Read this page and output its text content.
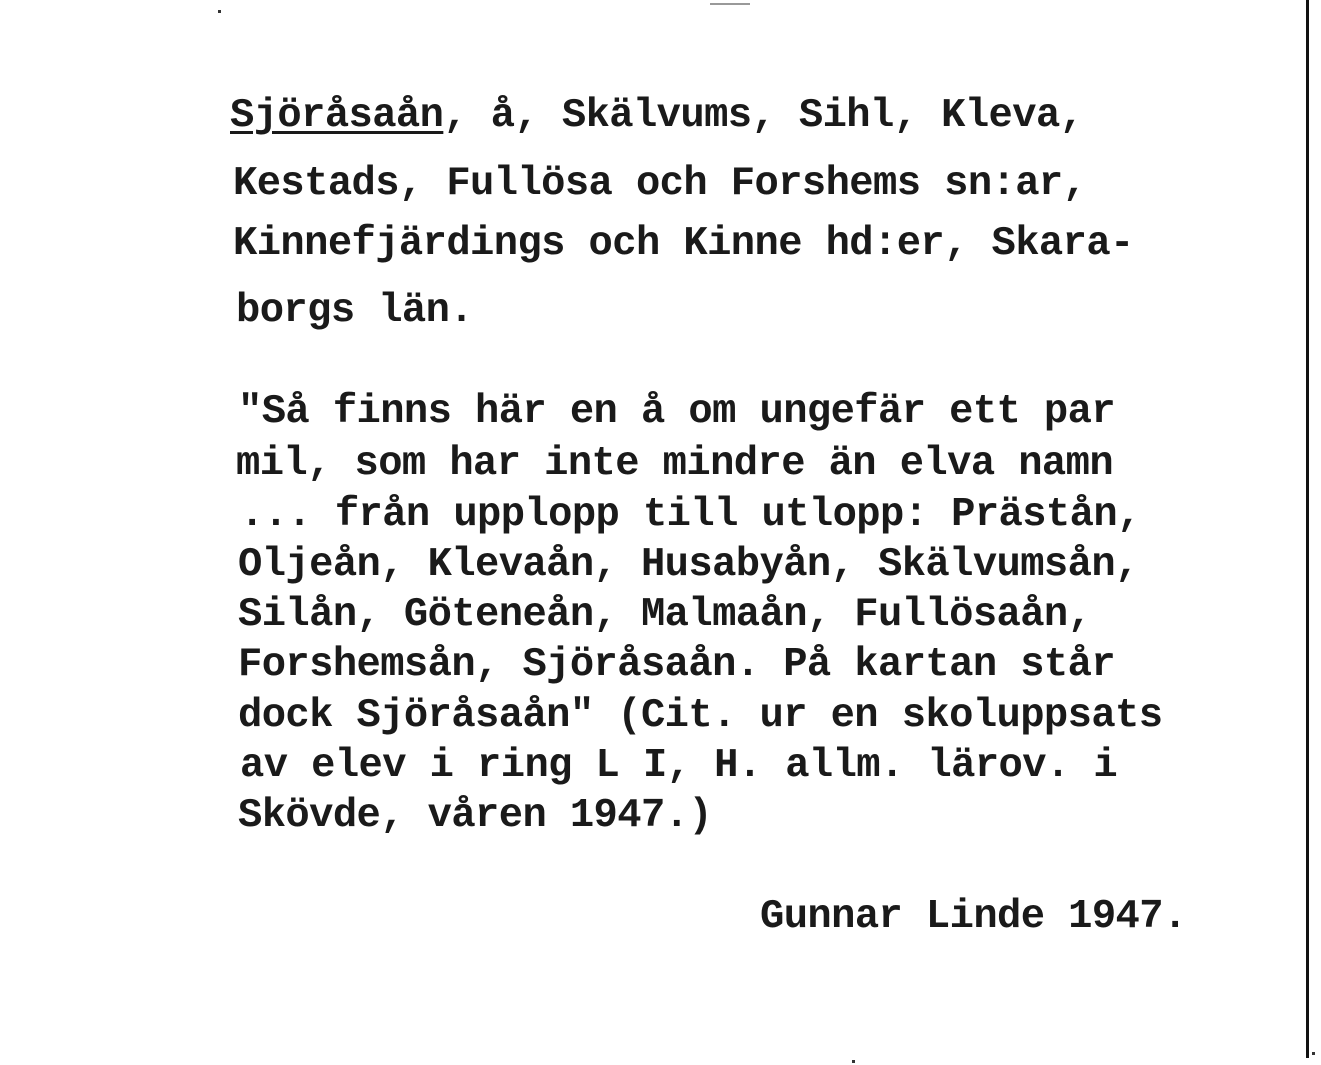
Sjöråsaån, å, Skälvums, Sihl, Kleva,
Kestads, Fullösa och Forshems sn:ar,
Kinnefjärdings och Kinne hd:er, Skara-
borgs län.
"Så finns här en å om ungefär ett par
mil, som har inte mindre än elva namn
... från upplopp till utlopp: Prästån,
Oljeån, Klevaån, Husabyån, Skälvumsån,
Silån, Göteneån, Malmaån, Fullösaån,
Forshemsån, Sjöråsaån. På kartan står
dock Sjöråsaån" (Cit. ur en skoluppsats
av elev i ring L I, H. allm. lärov. i
Skövde, våren 1947.)
Gunnar Linde 1947.
